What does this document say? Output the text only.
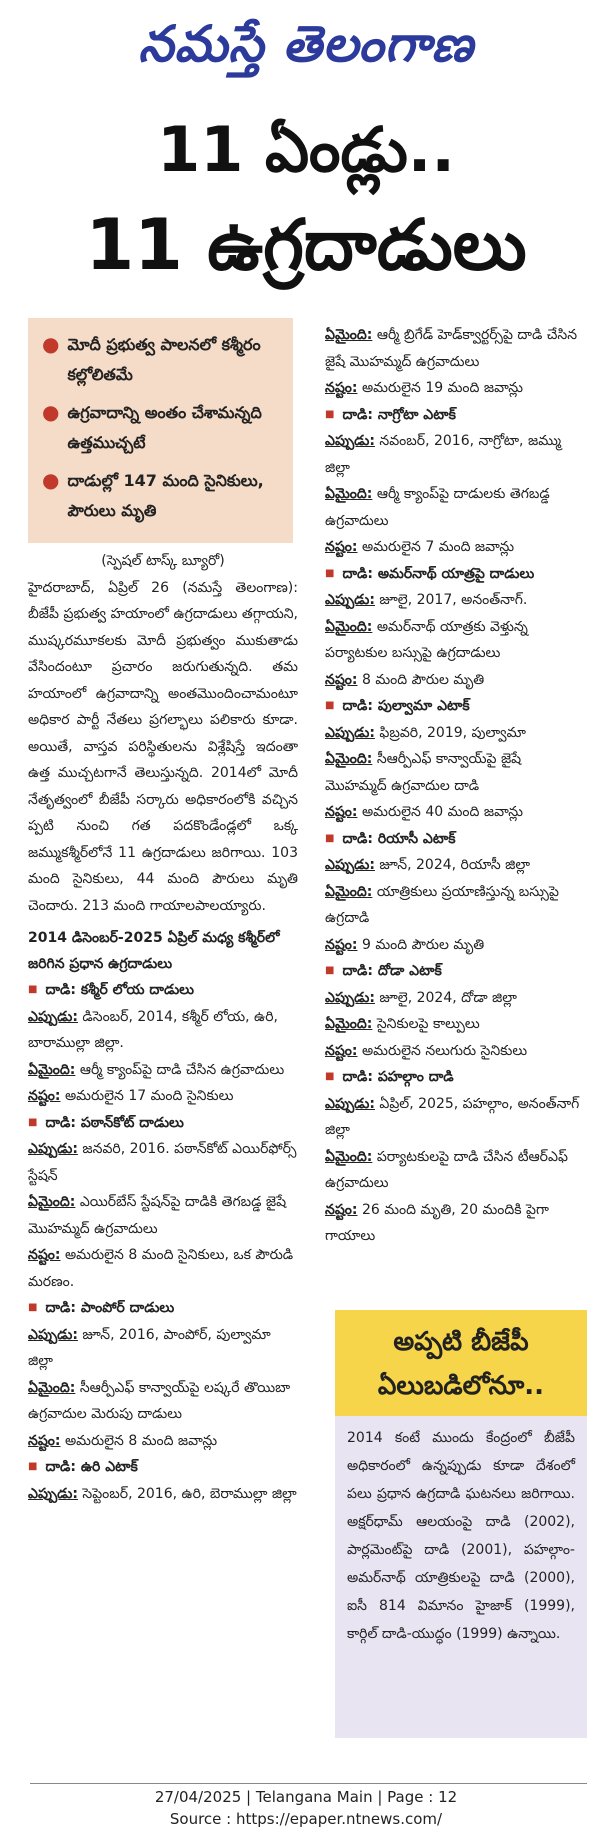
నమస్తే తెలంగాణ
11 ఏండ్లు..
11 ఉగ్రదాడులు
● మోదీ ప్రభుత్వ పాలనలో కశ్మీరం కల్లోలితమే
● ఉగ్రవాదాన్ని అంతం చేశామన్నది ఉత్తముచ్చటే
● దాడుల్లో 147 మంది సైనికులు, పౌరులు మృతి
(స్పెషల్ టాస్క్ బ్యూరో)
హైదరాబాద్, ఏప్రిల్ 26 (నమస్తే తెలంగాణ): బీజేపీ ప్రభుత్వ హయాంలో ఉగ్రదాడులు తగ్గాయని, ముష్కరమూకలకు మోదీ ప్రభుత్వం ముకుతాడు వేసిందంటూ ప్రచారం జరుగుతున్నది. తమ హయాంలో ఉగ్రవాదాన్ని అంతమొందించామంటూ అధికార పార్టీ నేతలు ప్రగల్భాలు పలికారు కూడా. అయితే, వాస్తవ పరిస్థితులను విశ్లేషిస్తే ఇదంతా ఉత్త ముచ్చటగానే తెలుస్తున్నది. 2014లో మోదీ నేతృత్వంలో బీజేపీ సర్కారు అధికారంలోకి వచ్చిన ప్పటి నుంచి గత పదకొండేండ్లలో ఒక్క జమ్ముకశ్మీర్‌లోనే 11 ఉగ్రదాడులు జరిగాయి. 103 మంది సైనికులు, 44 మంది పౌరులు మృతి చెందారు. 213 మంది గాయాలపాలయ్యారు.
2014 డిసెంబర్-2025 ఏప్రిల్ మధ్య కశ్మీర్‌లో జరిగిన ప్రధాన ఉగ్రదాడులు
■ దాడి: కశ్మీర్ లోయ దాడులు
ఎప్పుడు: డిసెంబర్, 2014, కశ్మీర్ లోయ, ఉరి, బారాముల్లా జిల్లా.
ఏమైంది: ఆర్మీ క్యాంప్‌పై దాడి చేసిన ఉగ్రవాదులు
నష్టం: అమరులైన 17 మంది సైనికులు
■ దాడి: పఠాన్‌కోట్ దాడులు
ఎప్పుడు: జనవరి, 2016. పఠాన్‌కోట్ ఎయిర్‌ఫోర్స్ స్టేషన్
ఏమైంది: ఎయిర్‌బేస్ స్టేషన్‌పై దాడికి తెగబడ్డ జైషే మొహమ్మద్ ఉగ్రవాదులు
నష్టం: అమరులైన 8 మంది సైనికులు, ఒక పౌరుడి మరణం.
■ దాడి: పాంపోర్ దాడులు
ఎప్పుడు: జూన్, 2016, పాంపోర్, పుల్వామా జిల్లా
ఏమైంది: సీఆర్పీఎఫ్ కాన్వాయ్‌పై లష్కరే తొయిబా ఉగ్రవాదుల మెరుపు దాడులు
నష్టం: అమరులైన 8 మంది జవాన్లు
■ దాడి: ఉరి ఎటాక్
ఎప్పుడు: సెప్టెంబర్, 2016, ఉరి, బెరాముల్లా జిల్లా
ఏమైంది: ఆర్మీ బ్రిగేడ్ హెడ్‌క్వార్టర్స్‌పై దాడి చేసిన జైషే మొహమ్మద్ ఉగ్రవాదులు
నష్టం: అమరులైన 19 మంది జవాన్లు
■ దాడి: నాగ్రోటా ఎటాక్
ఎప్పుడు: నవంబర్, 2016, నాగ్రోటా, జమ్ము జిల్లా
ఏమైంది: ఆర్మీ క్యాంప్‌పై దాడులకు తెగబడ్డ ఉగ్రవాదులు
నష్టం: అమరులైన 7 మంది జవాన్లు
■ దాడి: అమర్‌నాథ్ యాత్రపై దాడులు
ఎప్పుడు: జూలై, 2017, అనంత్‌నాగ్.
ఏమైంది: అమర్‌నాథ్ యాత్రకు వెళ్తున్న పర్యాటకుల బస్సుపై ఉగ్రదాడులు
నష్టం: 8 మంది పౌరుల మృతి
■ దాడి: పుల్వామా ఎటాక్
ఎప్పుడు: ఫిబ్రవరి, 2019, పుల్వామా
ఏమైంది: సీఆర్పీఎఫ్ కాన్వాయ్‌పై జైషే మొహమ్మద్ ఉగ్రవాదుల దాడి
నష్టం: అమరులైన 40 మంది జవాన్లు
■ దాడి: రియాసీ ఎటాక్
ఎప్పుడు: జూన్, 2024, రియాసీ జిల్లా
ఏమైంది: యాత్రికులు ప్రయాణిస్తున్న బస్సుపై ఉగ్రదాడి
నష్టం: 9 మంది పౌరుల మృతి
■ దాడి: దోడా ఎటాక్
ఎప్పుడు: జూలై, 2024, దోడా జిల్లా
ఏమైంది: సైనికులపై కాల్పులు
నష్టం: అమరులైన నలుగురు సైనికులు
■ దాడి: పహల్గాం దాడి
ఎప్పుడు: ఏప్రిల్, 2025, పహల్గాం, అనంత్‌నాగ్ జిల్లా
ఏమైంది: పర్యాటకులపై దాడి చేసిన టీఆర్ఎఫ్ ఉగ్రవాదులు
నష్టం: 26 మంది మృతి, 20 మందికి పైగా గాయాలు
అప్పటి బీజేపీ
ఏలుబడిలోనూ..
2014 కంటే ముందు కేంద్రంలో బీజేపీ అధికారంలో ఉన్నప్పుడు కూడా దేశంలో పలు ప్రధాన ఉగ్రదాడి ఘటనలు జరిగాయి. అక్షర్‌ధామ్ ఆలయంపై దాడి (2002), పార్లమెంట్‌పై దాడి (2001), పహల్గాం-అమర్‌నాథ్ యాత్రికులపై దాడి (2000), ఐసీ 814 విమానం హైజాక్ (1999), కార్గిల్ దాడి-యుద్ధం (1999) ఉన్నాయి.
27/04/2025 | Telangana Main | Page : 12
Source : https://epaper.ntnews.com/
